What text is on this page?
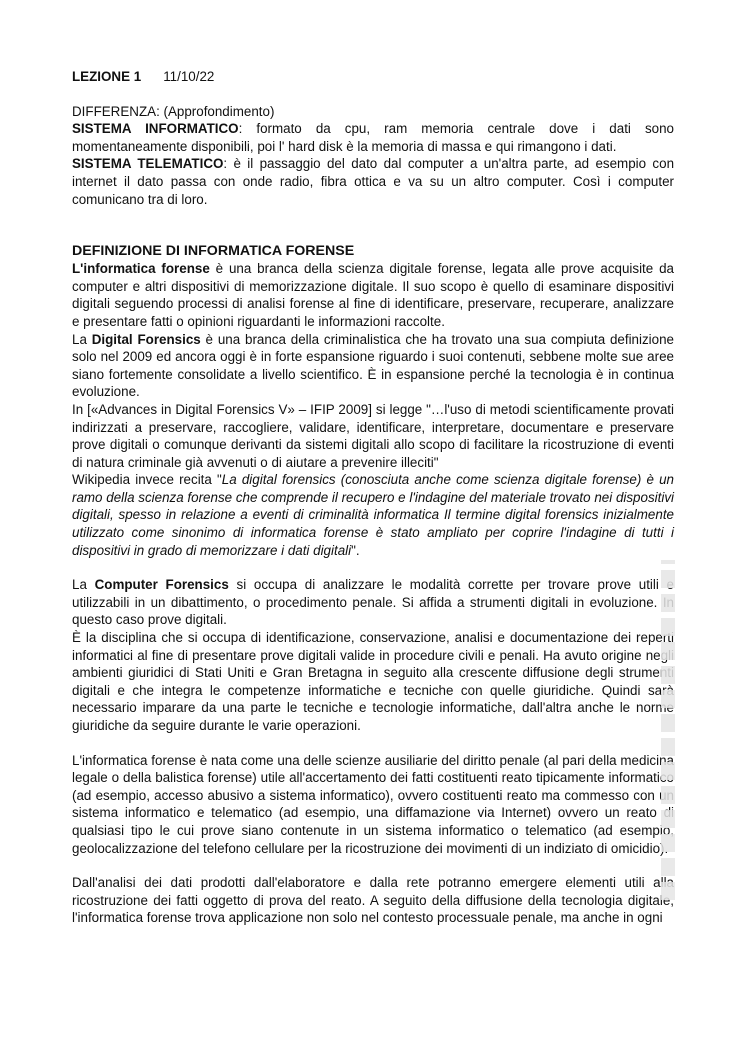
LEZIONE 1 11/10/22

DIFFERENZA: (Approfondimento)

SISTEMA INFORMATICO: formato da cpu, ram memoria centrale dove i dati sono momentaneamente disponibili, poi l' hard disk è la memoria di massa e qui rimangono i dati.

SISTEMA TELEMATICO: è il passaggio del dato dal computer a un'altra parte, ad esempio con internet il dato passa con onde radio, fibra ottica e va su un altro computer. Così i computer comunicano tra di loro.

DEFINIZIONE DI INFORMATICA FORENSE

L'informatica forense è una branca della scienza digitale forense, legata alle prove acquisite da computer e altri dispositivi di memorizzazione digitale. Il suo scopo è quello di esaminare dispositivi digitali seguendo processi di analisi forense al fine di identificare, preservare, recuperare, analizzare e presentare fatti o opinioni riguardanti le informazioni raccolte.

La Digital Forensics è una branca della criminalistica che ha trovato una sua compiuta definizione solo nel 2009 ed ancora oggi è in forte espansione riguardo i suoi contenuti, sebbene molte sue aree siano fortemente consolidate a livello scientifico. È in espansione perché la tecnologia è in continua evoluzione.

In [«Advances in Digital Forensics V» – IFIP 2009] si legge "…l'uso di metodi scientificamente provati indirizzati a preservare, raccogliere, validare, identificare, interpretare, documentare e preservare prove digitali o comunque derivanti da sistemi digitali allo scopo di facilitare la ricostruzione di eventi di natura criminale già avvenuti o di aiutare a prevenire illeciti"

Wikipedia invece recita "La digital forensics (conosciuta anche come scienza digitale forense) è un ramo della scienza forense che comprende il recupero e l'indagine del materiale trovato nei dispositivi digitali, spesso in relazione a eventi di criminalità informatica Il termine digital forensics inizialmente utilizzato come sinonimo di informatica forense è stato ampliato per coprire l'indagine di tutti i dispositivi in grado di memorizzare i dati digitali".

La Computer Forensics si occupa di analizzare le modalità corrette per trovare prove utili e utilizzabili in un dibattimento, o procedimento penale. Si affida a strumenti digitali in evoluzione. In questo caso prove digitali.

È la disciplina che si occupa di identificazione, conservazione, analisi e documentazione dei reperti informatici al fine di presentare prove digitali valide in procedure civili e penali. Ha avuto origine negli ambienti giuridici di Stati Uniti e Gran Bretagna in seguito alla crescente diffusione degli strumenti digitali e che integra le competenze informatiche e tecniche con quelle giuridiche. Quindi sarà necessario imparare da una parte le tecniche e tecnologie informatiche, dall'altra anche le norme giuridiche da seguire durante le varie operazioni.

L'informatica forense è nata come una delle scienze ausiliarie del diritto penale (al pari della medicina legale o della balistica forense) utile all'accertamento dei fatti costituenti reato tipicamente informatico (ad esempio, accesso abusivo a sistema informatico), ovvero costituenti reato ma commesso con un sistema informatico e telematico (ad esempio, una diffamazione via Internet) ovvero un reato di qualsiasi tipo le cui prove siano contenute in un sistema informatico o telematico (ad esempio, geolocalizzazione del telefono cellulare per la ricostruzione dei movimenti di un indiziato di omicidio).

Dall'analisi dei dati prodotti dall'elaboratore e dalla rete potranno emergere elementi utili alla ricostruzione dei fatti oggetto di prova del reato. A seguito della diffusione della tecnologia digitale, l'informatica forense trova applicazione non solo nel contesto processuale penale, ma anche in ogni
